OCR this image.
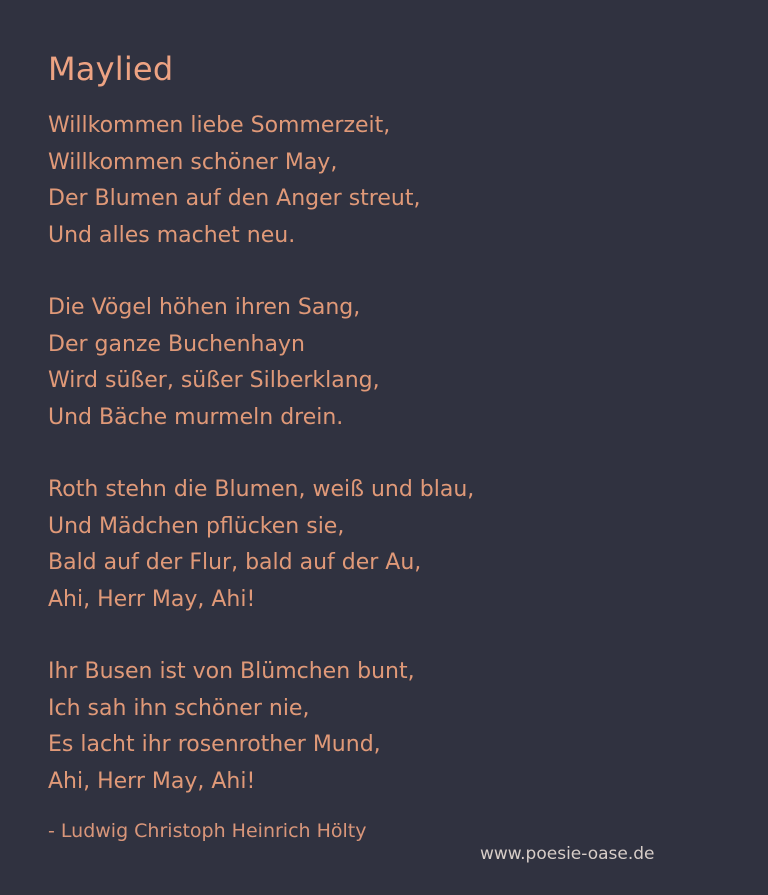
Maylied
Willkommen liebe Sommerzeit,
Willkommen schöner May,
Der Blumen auf den Anger streut,
Und alles machet neu.
Die Vögel höhen ihren Sang,
Der ganze Buchenhayn
Wird süßer, süßer Silberklang,
Und Bäche murmeln drein.
Roth stehn die Blumen, weiß und blau,
Und Mädchen pflücken sie,
Bald auf der Flur, bald auf der Au,
Ahi, Herr May, Ahi!
Ihr Busen ist von Blümchen bunt,
Ich sah ihn schöner nie,
Es lacht ihr rosenrother Mund,
Ahi, Herr May, Ahi!
- Ludwig Christoph Heinrich Hölty
www.poesie-oase.de
